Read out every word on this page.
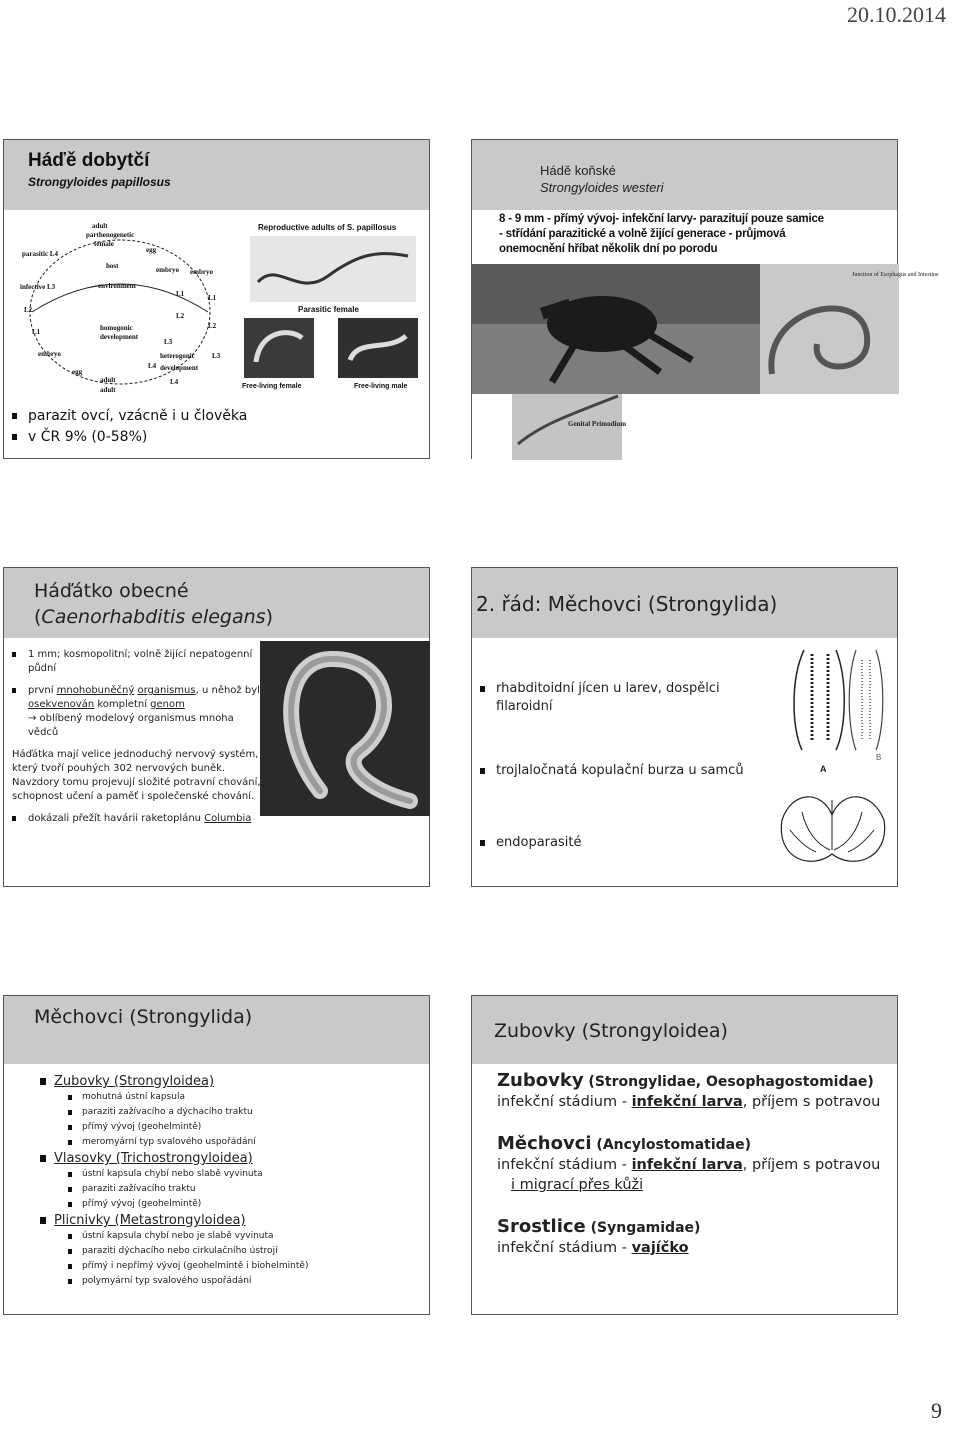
20.10.2014
Háďě dobytčí
Strongyloides papillosus
adult
parthenogenetic
female
parasitic L4	egg
host	embryo embryo
infective L3	environment
L1	L1
L2
L2
L2
L1	homogonic
development
L3
embryo	heterogonic L3
L4 development
egg
adult	L4
adult
Reproductive adults of S. papillosus
Parasitic female
Free-living female	Free-living male
parazit ovcí, vzácně i u člověka
v ČR 9% (0-58%)
Hádě koňské
Strongyloides westeri
8 - 9 mm - přímý vývoj- infekční larvy- parazitují pouze samice
- střídání parazitické a volně žijící generace - průjmová
onemocnění hříbat několik dní po porodu
Junction of Esophagus and Intestine
Genital Primodium
Háďátko obecné
(Caenorhabditis elegans)
1 mm; kosmopolitní; volně žijící nepatogenní půdní
první mnohobuněčný organismus, u něhož byl osekvenován kompletní genom
→ oblíbený modelový organismus mnoha vědců
Háďátka mají velice jednoduchý nervový systém, který tvoří pouhých 302 nervových buněk. Navzdory tomu projevují složité potravní chování, schopnost učení a paměť i společenské chování.
dokázali přežít havárii raketoplánu Columbia
2. řád: Měchovci (Strongylida)
rhabditoidní jícen u larev, dospělci filaroidní
trojlaločnatá kopulační burza u samců
endoparasité
A
B
Měchovci (Strongylida)
Zubovky (Strongyloidea)
mohutná ústní kapsula
paraziti zažívacího a dýchacího traktu
přímý vývoj (geohelmintě)
meromyární typ svalového uspořádání
Vlasovky (Trichostrongyloidea)
ústní kapsula chybí nebo slabě vyvinuta
paraziti zažívacího traktu
přímý vývoj (geohelmintě)
Plicnivky (Metastrongyloidea)
ústní kapsula chybí nebo je slabě vyvinuta
paraziti dýchacího nebo cirkulačního ústrojí
přímý i nepřímý vývoj (geohelmintě i biohelmintě)
polymyární typ svalového uspořádání
Zubovky (Strongyloidea)
Zubovky (Strongylidae, Oesophagostomidae)
infekční stádium - infekční larva, příjem s potravou
Měchovci (Ancylostomatidae)
infekční stádium - infekční larva, příjem s potravou
i migrací přes kůži
Srostlice (Syngamidae)
infekční stádium - vajíčko
9
